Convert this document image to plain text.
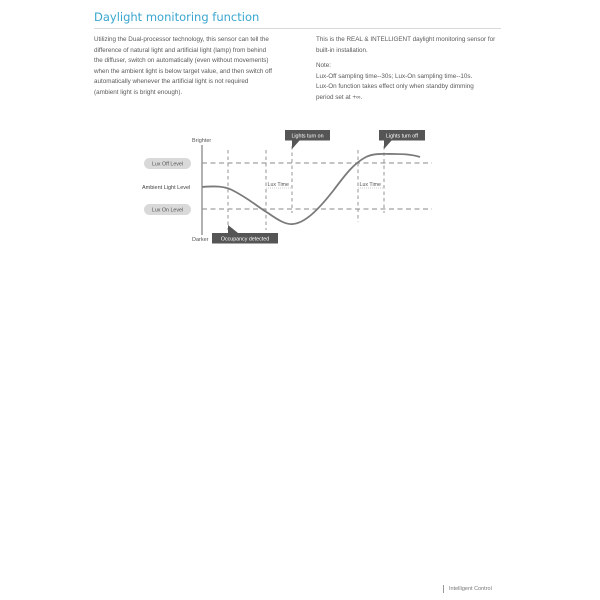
Daylight monitoring function

Utilizing the Dual-processor technology, this sensor can tell the

difference of natural light and artificial light (lamp) from behind

the diffuser, switch on automatically (even without movements)

when the ambient light is below target value, and then switch off

automatically whenever the artificial light is not required

(ambient light is bright enough).

This is the REAL & INTELLIGENT daylight monitoring sensor for

built-in installation.

Note:

Lux-Off sampling time--30s; Lux-On sampling time--10s.

Lux-On function takes effect only when standby dimming

period set at +∞.

Brighter
Darker
Lux Time	Lux Time
Lux Off Level
Lux On Level
Ambient Light Level
Lights turn on	Lights turn off
Occupancy detected
Intelligent Control
